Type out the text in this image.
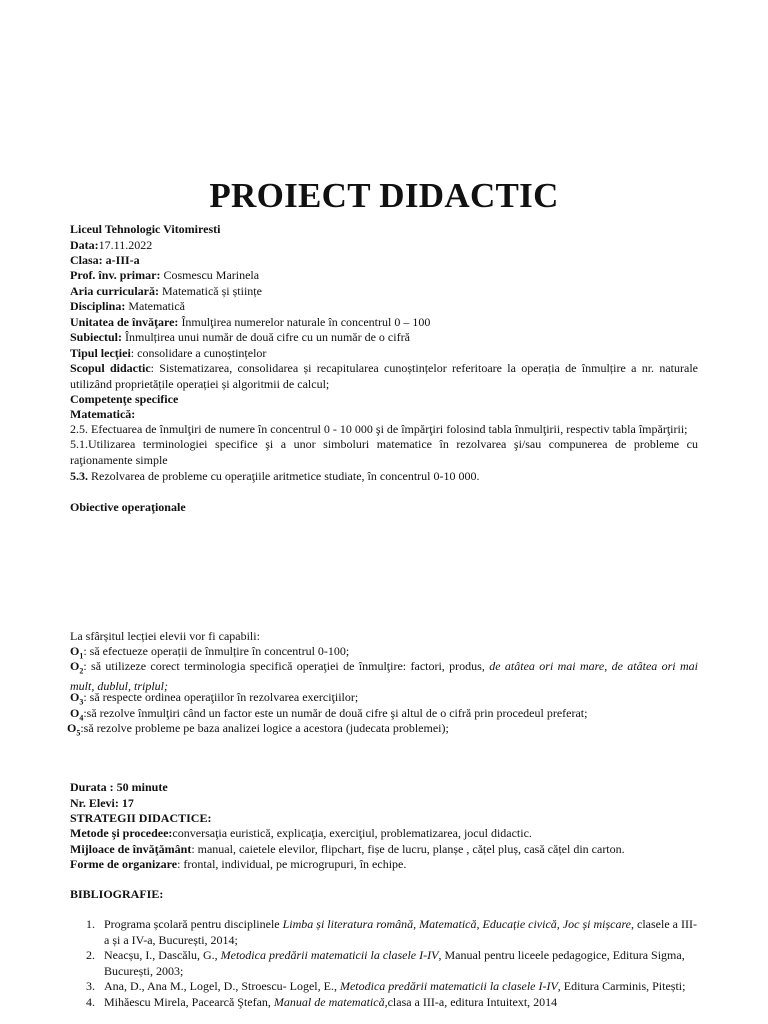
PROIECT DIDACTIC
Liceul Tehnologic Vitomiresti
Data:17.11.2022
Clasa: a-III-a
Prof. înv. primar: Cosmescu Marinela
Aria curriculară: Matematică și științe
Disciplina: Matematică
Unitatea de învăţare: Înmulţirea numerelor naturale în concentrul 0 – 100
Subiectul: Înmulțirea unui număr de două cifre cu un număr de o cifră
Tipul lecţiei: consolidare a cunoștințelor
Scopul didactic: Sistematizarea, consolidarea și recapitularea cunoștințelor referitoare la operația de înmulțire a nr. naturale utilizând proprietățile operației și algoritmii de calcul;
Competenţe specifice
Matematică:
2.5. Efectuarea de înmulţiri de numere în concentrul 0 - 10 000 şi de împărţiri folosind tabla înmulţirii, respectiv tabla împărţirii;
5.1.Utilizarea terminologiei specifice şi a unor simboluri matematice în rezolvarea şi/sau compunerea de probleme cu raţionamente simple
5.3. Rezolvarea de probleme cu operaţiile aritmetice studiate, în concentrul 0-10 000.
Obiective operaţionale
La sfârșitul lecției elevii vor fi capabili:
$O_1$: să efectueze operații de înmulțire în concentrul 0-100;
$O_2$: să utilizeze corect terminologia specifică operaţiei de înmulţire: factori, produs, de atâtea ori mai mare, de atâtea ori mai mult, dublul, triplul;
$O_3$: să respecte ordinea operaţiilor în rezolvarea exerciţiilor;
$O_4:să$ rezolve înmulţiri când un factor este un număr de două cifre şi altul de o cifră prin procedeul preferat;
$O_5:să$ rezolve probleme pe baza analizei logice a acestora (judecata problemei);
Durata : 50 minute
Nr. Elevi: 17
STRATEGII DIDACTICE:
Metode şi procedee:conversaţia euristică, explicaţia, exerciţiul, problematizarea, jocul didactic.
Mijloace de învăţământ: manual, caietele elevilor, flipchart, fișe de lucru, planșe , cățel pluș, casă cățel din carton.
Forme de organizare: frontal, individual, pe microgrupuri, în echipe.
BIBLIOGRAFIE:
1. Programa școlară pentru disciplinele Limba și literatura română, Matematică, Educație civică, Joc și mișcare, clasele a III-a și a IV-a, București, 2014;
2. Neacșu, I., Dascălu, G., Metodica predării matematicii la clasele I-IV, Manual pentru liceele pedagogice, Editura Sigma, București, 2003;
3. Ana, D., Ana M., Logel, D., Stroescu- Logel, E., Metodica predării matematicii la clasele I-IV, Editura Carminis, Pitești;
4. Mihăescu Mirela, Pacearcă Ştefan, Manual de matematică,clasa a III-a, editura Intuitext, 2014
